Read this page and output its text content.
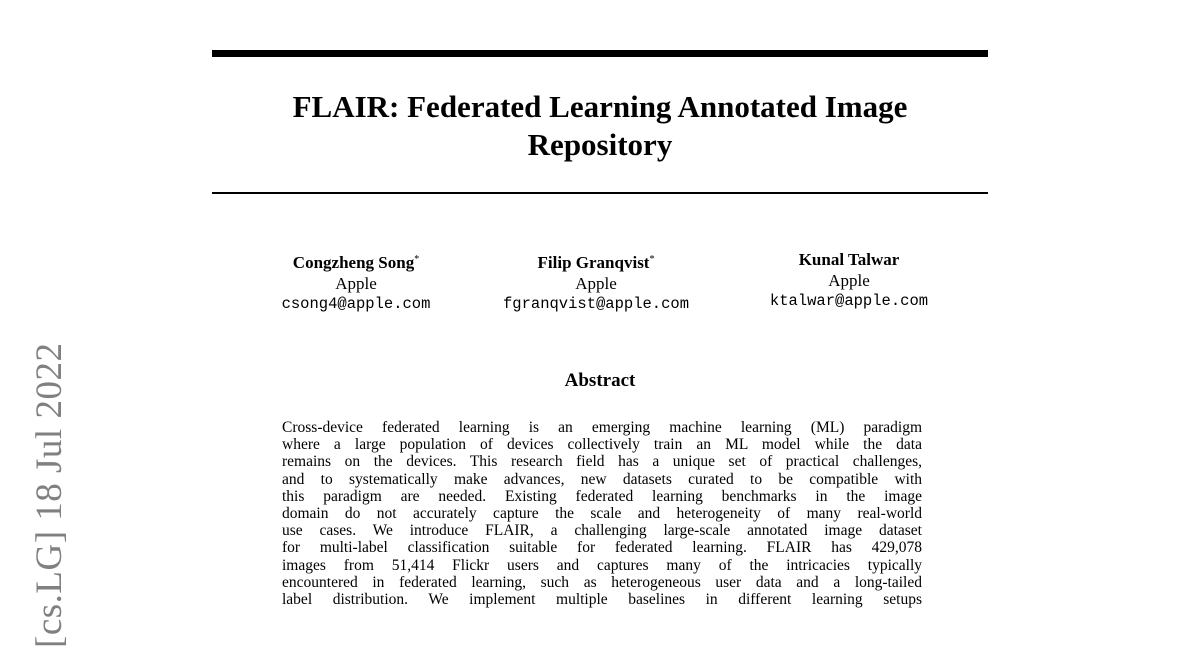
FLAIR: Federated Learning Annotated Image
Repository
Congzheng Song*
Apple
csong4@apple.com
Filip Granqvist*
Apple
fgranqvist@apple.com
Kunal Talwar
Apple
ktalwar@apple.com
Abstract
Cross-device federated learning is an emerging machine learning (ML) paradigm
where a large population of devices collectively train an ML model while the data
remains on the devices. This research field has a unique set of practical challenges,
and to systematically make advances, new datasets curated to be compatible with
this paradigm are needed. Existing federated learning benchmarks in the image
domain do not accurately capture the scale and heterogeneity of many real-world
use cases. We introduce FLAIR, a challenging large-scale annotated image dataset
for multi-label classification suitable for federated learning. FLAIR has 429,078
images from 51,414 Flickr users and captures many of the intricacies typically
encountered in federated learning, such as heterogeneous user data and a long-tailed
label distribution. We implement multiple baselines in different learning setups
[cs.LG] 18 Jul 2022
